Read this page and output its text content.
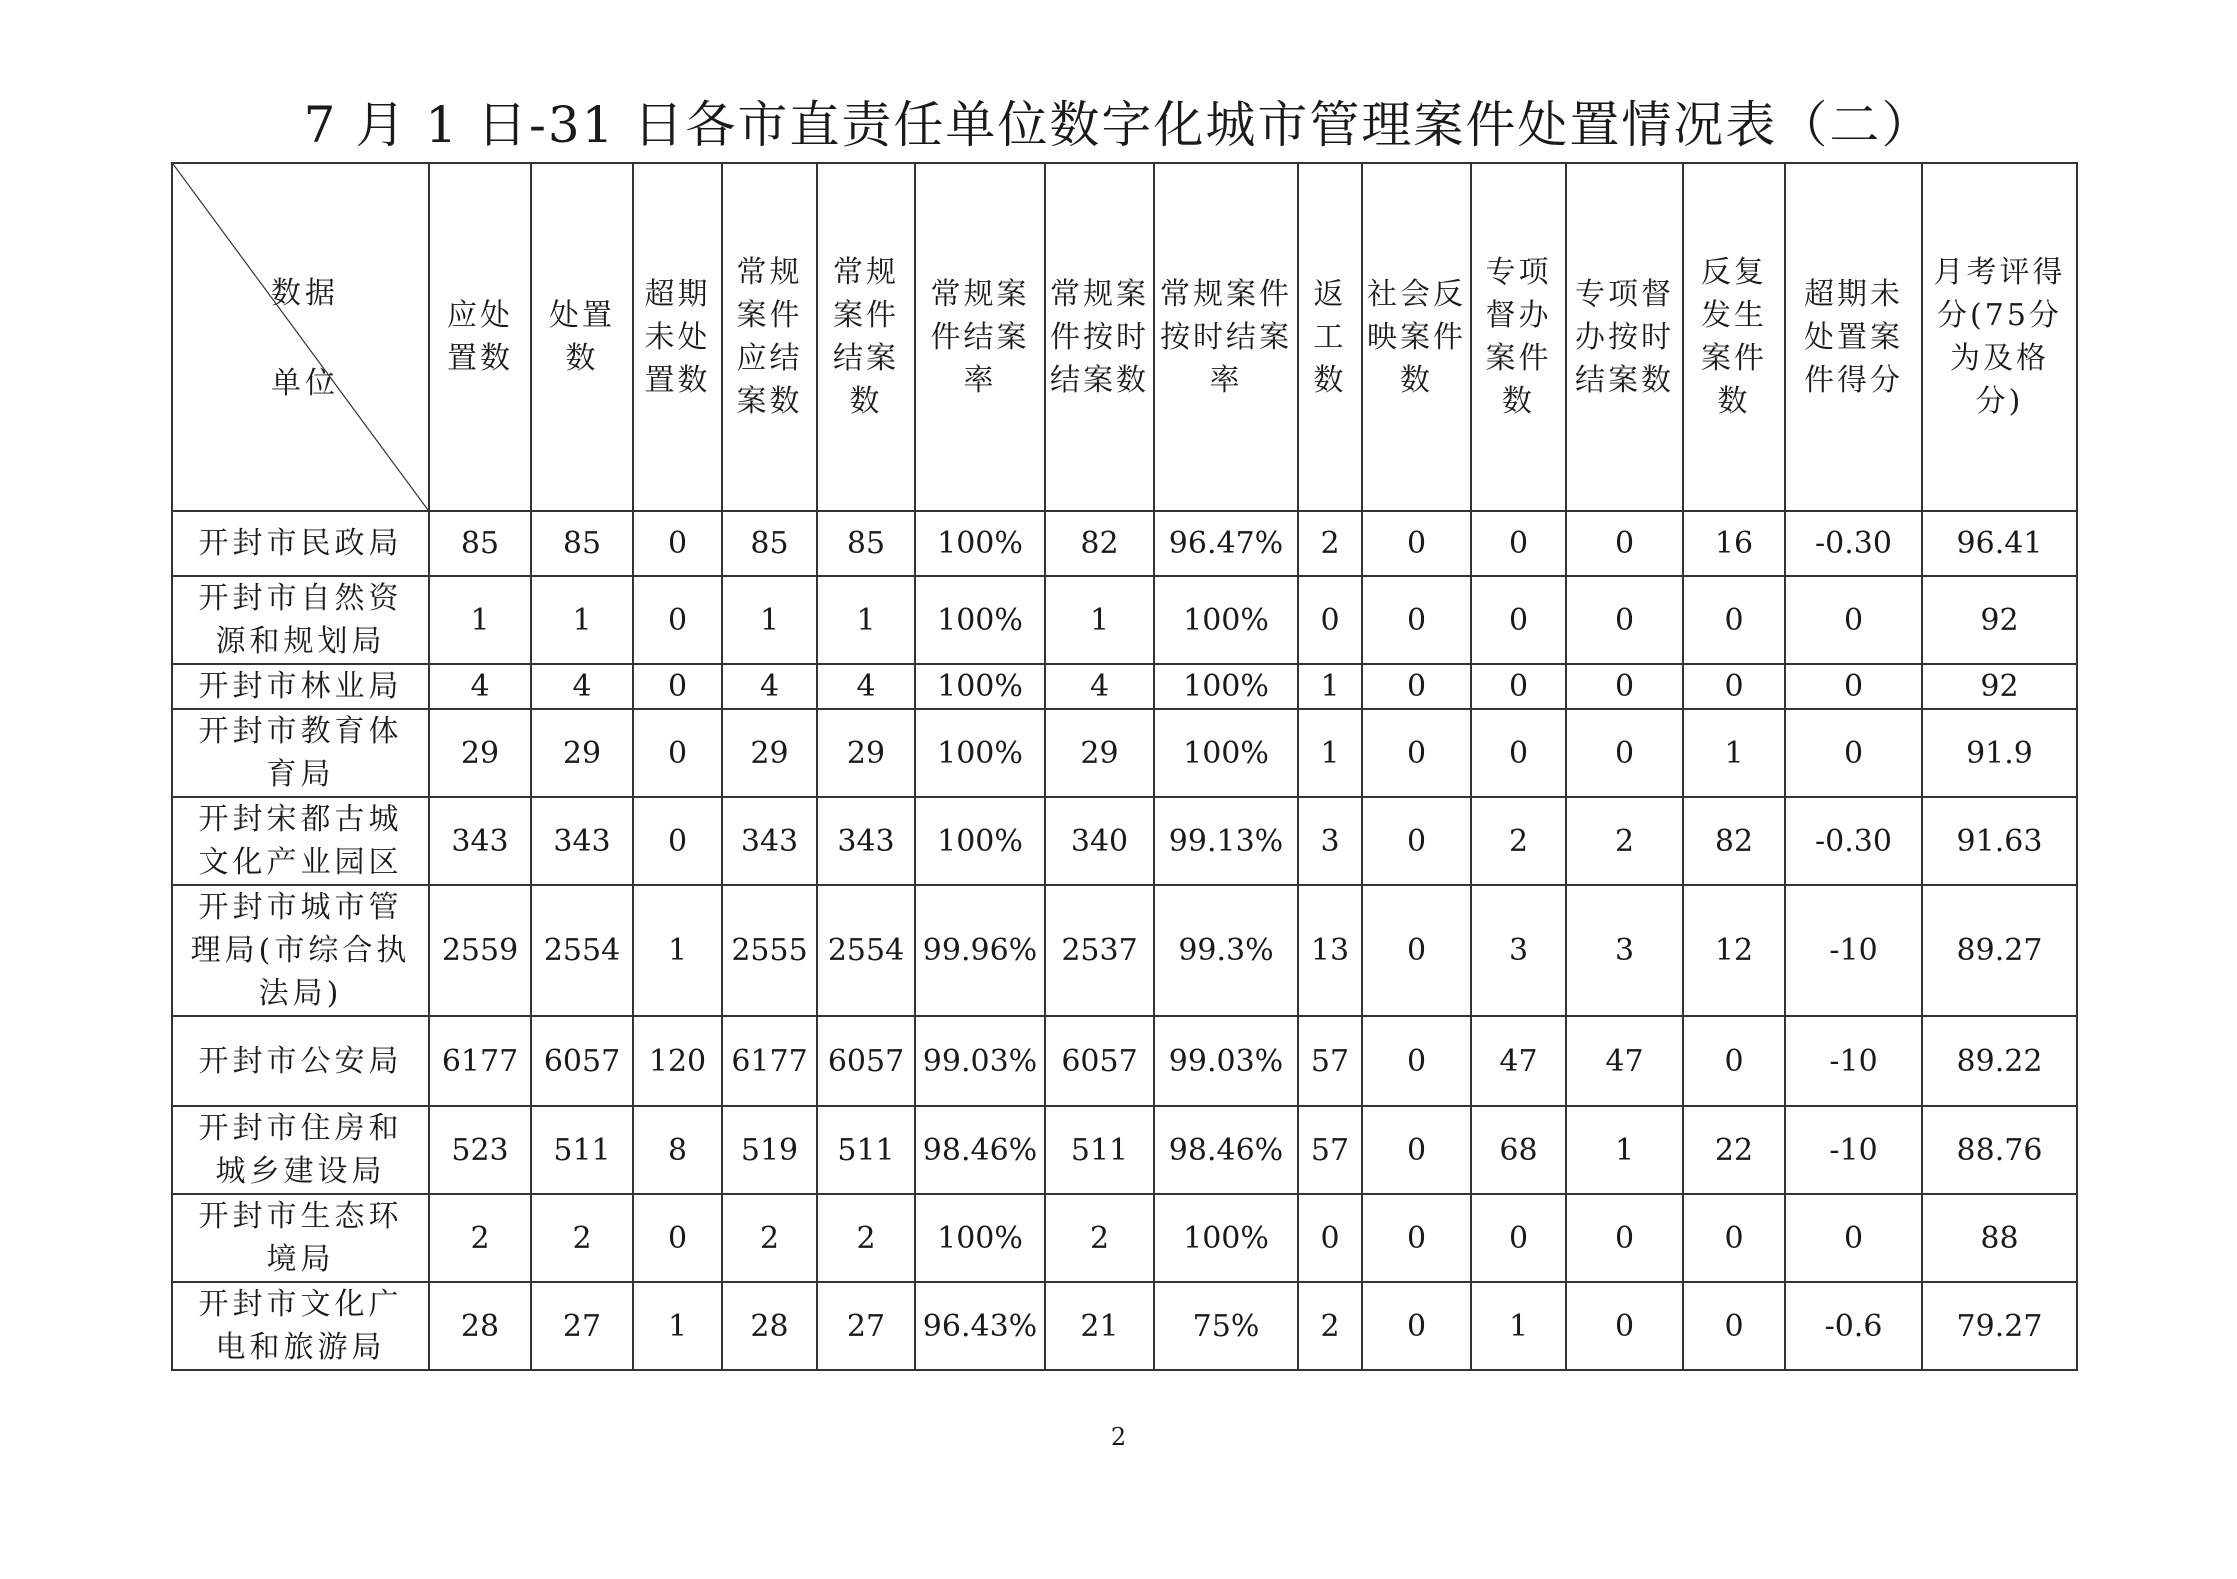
7 月 1 日-31 日各市直责任单位数字化城市管理案件处置情况表（二）
数据
单位	应处置数	处置数	超期未处置数	常规案件应结案数	常规案件结案数	常规案件结案率	常规案件按时结案数	常规案件按时结案率	返工数	社会反映案件数	专项督办案件数	专项督办按时结案数	反复发生案件数	超期未处置案件得分	月考评得分(75分为及格分)
开封市民政局	85	85	0	85	85	100%	82	96.47%	2	0	0	0	16	-0.30	96.41
开封市自然资源和规划局	1	1	0	1	1	100%	1	100%	0	0	0	0	0	0	92
开封市林业局	4	4	0	4	4	100%	4	100%	1	0	0	0	0	0	92
开封市教育体育局	29	29	0	29	29	100%	29	100%	1	0	0	0	1	0	91.9
开封宋都古城文化产业园区	343	343	0	343	343	100%	340	99.13%	3	0	2	2	82	-0.30	91.63
开封市城市管理局(市综合执法局)	2559	2554	1	2555	2554	99.96%	2537	99.3%	13	0	3	3	12	-10	89.27
开封市公安局	6177	6057	120	6177	6057	99.03%	6057	99.03%	57	0	47	47	0	-10	89.22
开封市住房和城乡建设局	523	511	8	519	511	98.46%	511	98.46%	57	0	68	1	22	-10	88.76
开封市生态环境局	2	2	0	2	2	100%	2	100%	0	0	0	0	0	0	88
开封市文化广电和旅游局	28	27	1	28	27	96.43%	21	75%	2	0	1	0	0	-0.6	79.27
2
